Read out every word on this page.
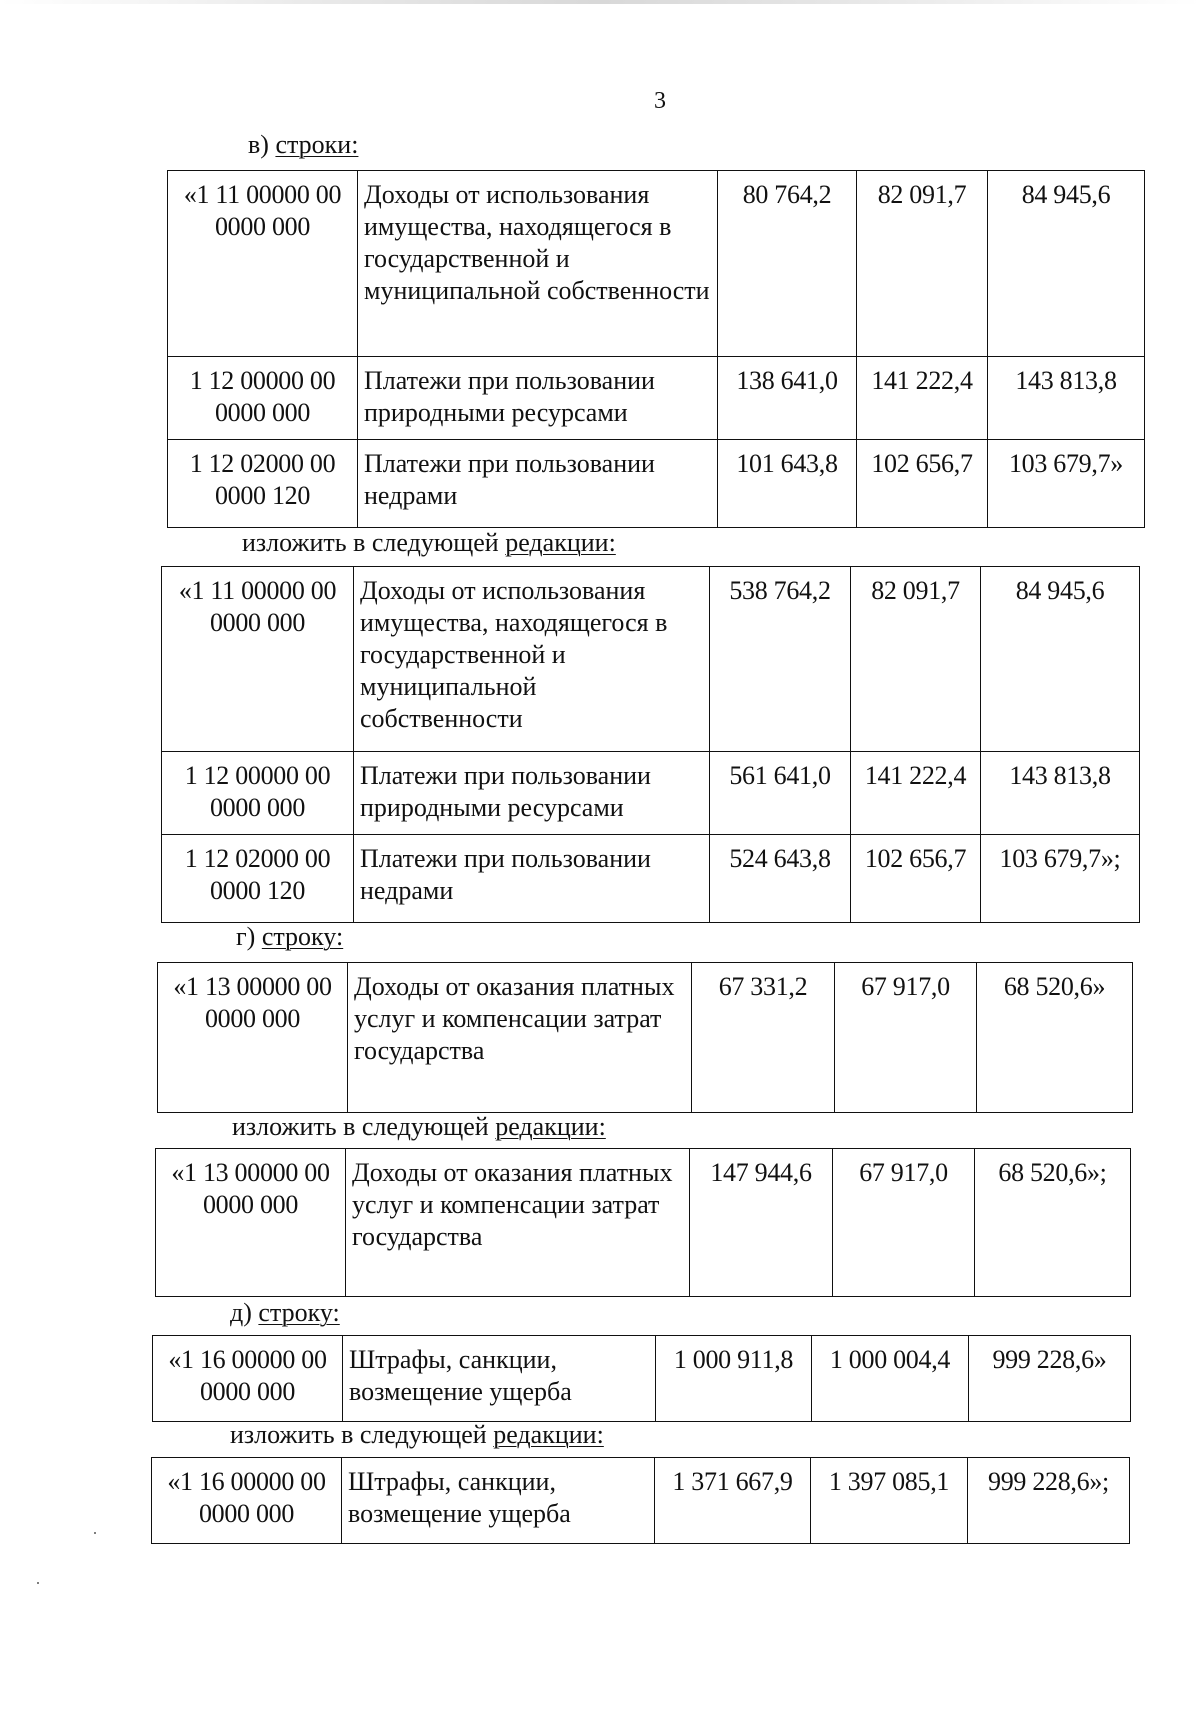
3
в) строки:
«1 11 00000 00 0000 000	Доходы от использования имущества, находящегося в государственной и муниципальной собственности	80 764,2	82 091,7	84 945,6
1 12 00000 00 0000 000	Платежи при пользовании природными ресурсами	138 641,0	141 222,4	143 813,8
1 12 02000 00 0000 120	Платежи при пользовании недрами	101 643,8	102 656,7	103 679,7»
изложить в следующей редакции:
«1 11 00000 00 0000 000	Доходы от использования имущества, находящегося в государственной и муниципальной собственности	538 764,2	82 091,7	84 945,6
1 12 00000 00 0000 000	Платежи при пользовании природными ресурсами	561 641,0	141 222,4	143 813,8
1 12 02000 00 0000 120	Платежи при пользовании недрами	524 643,8	102 656,7	103 679,7»;
г) строку:
«1 13 00000 00 0000 000	Доходы от оказания платных услуг и компенсации затрат государства	67 331,2	67 917,0	68 520,6»
изложить в следующей редакции:
«1 13 00000 00 0000 000	Доходы от оказания платных услуг и компенсации затрат государства	147 944,6	67 917,0	68 520,6»;
д) строку:
«1 16 00000 00 0000 000	Штрафы, санкции, возмещение ущерба	1 000 911,8	1 000 004,4	999 228,6»
изложить в следующей редакции:
«1 16 00000 00 0000 000	Штрафы, санкции, возмещение ущерба	1 371 667,9	1 397 085,1	999 228,6»;
